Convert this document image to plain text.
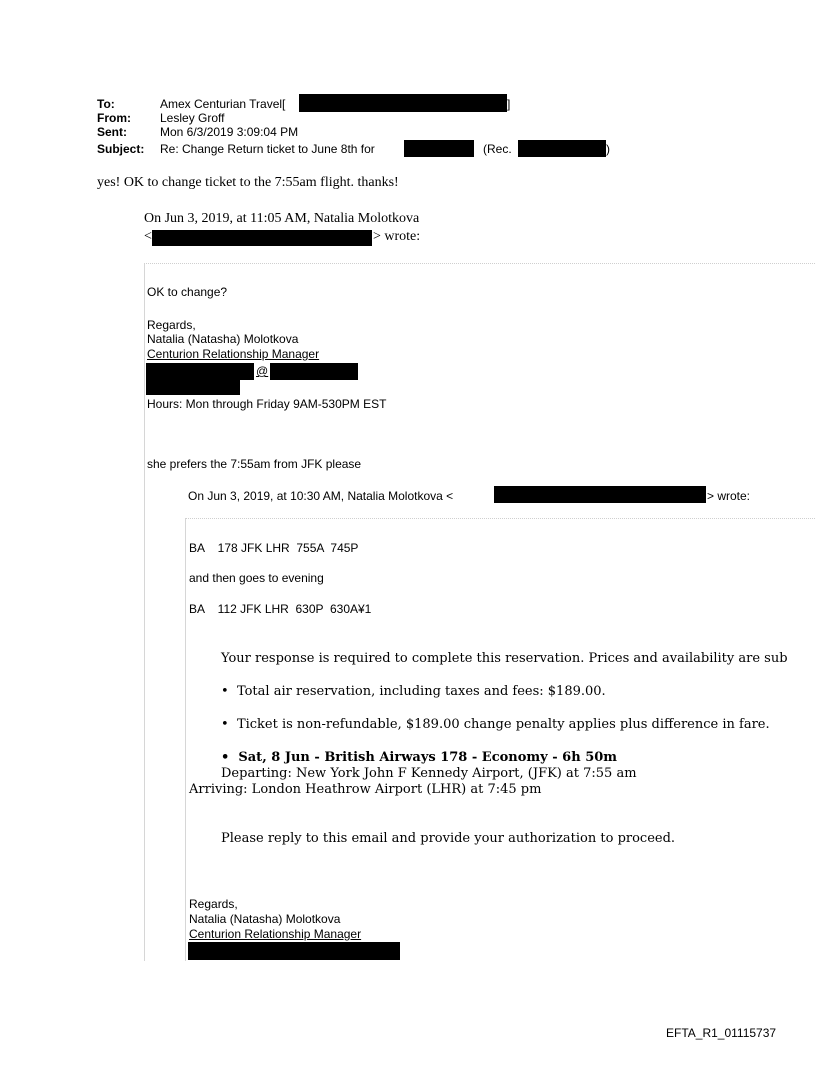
To:	Amex Centurian Travel[	]
From: Lesley Groff
Sent:	Mon 6/3/2019 3:09:04 PM
Subject: Re: Change Return ticket to June 8th for	(Rec.	)
yes! OK to change ticket to the 7:55am flight. thanks!
On Jun 3, 2019, at 11:05 AM, Natalia Molotkova
<	> wrote:
OK to change?
Regards,
Natalia (Natasha) Molotkova
Centurion Relationship Manager
@
Hours: Mon through Friday 9AM-530PM EST
she prefers the 7:55am from JFK please
On Jun 3, 2019, at 10:30 AM, Natalia Molotkova <	> wrote:
BA    178 JFK LHR  755A  745P
and then goes to evening
BA    112 JFK LHR  630P  630A¥1
Your response is required to complete this reservation. Prices and availability are sub
•  Total air reservation, including taxes and fees: $189.00.
•  Ticket is non-refundable, $189.00 change penalty applies plus difference in fare.
•  Sat, 8 Jun - British Airways 178 - Economy - 6h 50m
Departing: New York John F Kennedy Airport, (JFK) at 7:55 am
Arriving: London Heathrow Airport (LHR) at 7:45 pm
Please reply to this email and provide your authorization to proceed.
Regards,
Natalia (Natasha) Molotkova
Centurion Relationship Manager
EFTA_R1_01115737
